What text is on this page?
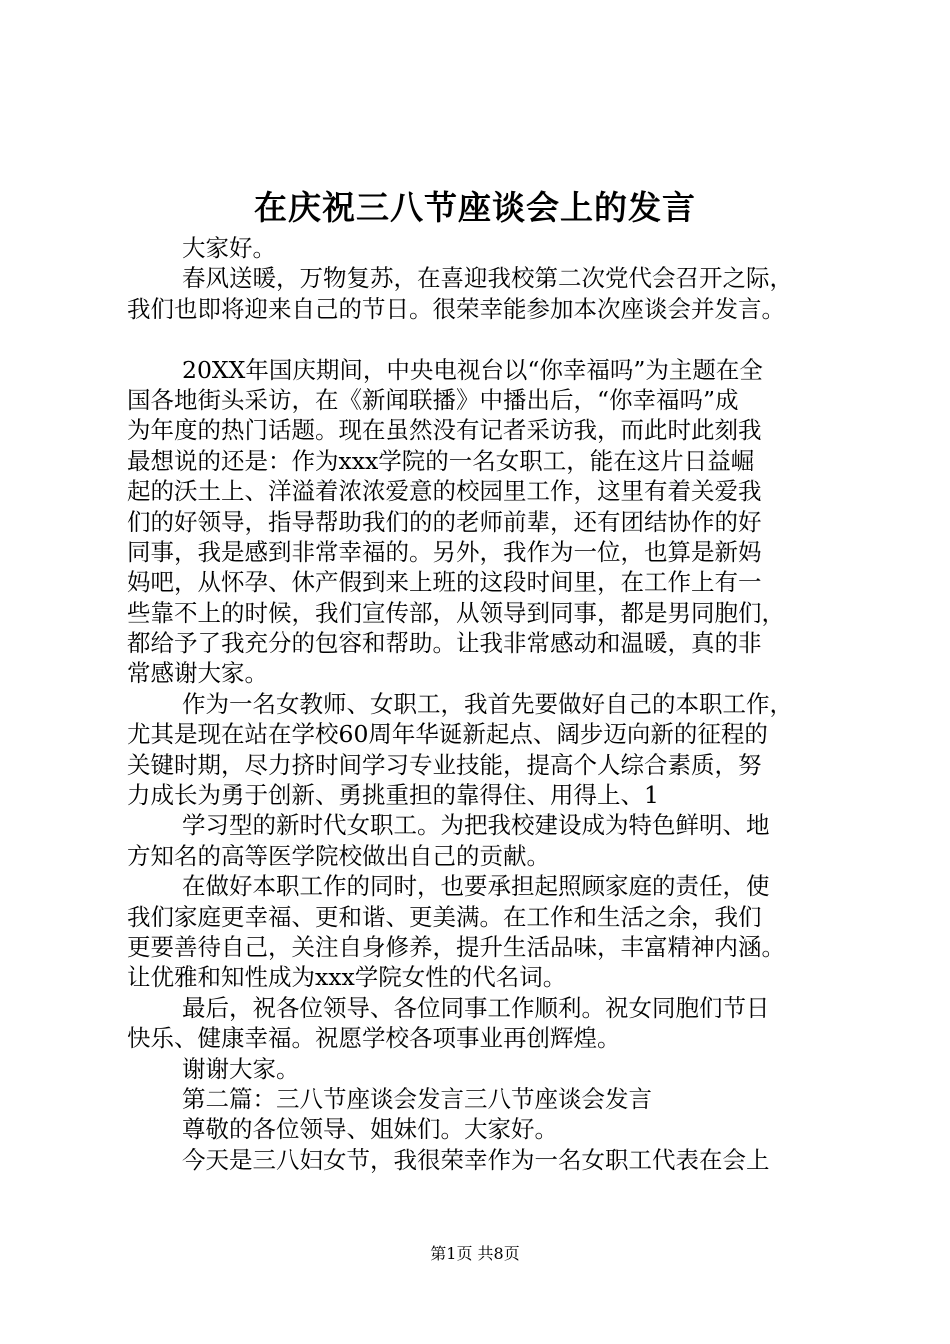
在庆祝三八节座谈会上的发言
大家好。
春风送暖，万物复苏，在喜迎我校第二次党代会召开之际，
我们也即将迎来自己的节日。很荣幸能参加本次座谈会并发言。
20XX年国庆期间，中央电视台以“你幸福吗”为主题在全
国各地街头采访，在《新闻联播》中播出后，“你幸福吗”成
为年度的热门话题。现在虽然没有记者采访我，而此时此刻我
最想说的还是：作为xxx学院的一名女职工，能在这片日益崛
起的沃土上、洋溢着浓浓爱意的校园里工作，这里有着关爱我
们的好领导，指导帮助我们的的老师前辈，还有团结协作的好
同事，我是感到非常幸福的。另外，我作为一位，也算是新妈
妈吧，从怀孕、休产假到来上班的这段时间里，在工作上有一
些靠不上的时候，我们宣传部，从领导到同事，都是男同胞们，
都给予了我充分的包容和帮助。让我非常感动和温暖，真的非
常感谢大家。
作为一名女教师、女职工，我首先要做好自己的本职工作，
尤其是现在站在学校60周年华诞新起点、阔步迈向新的征程的
关键时期，尽力挤时间学习专业技能，提高个人综合素质，努
力成长为勇于创新、勇挑重担的靠得住、用得上、1
学习型的新时代女职工。为把我校建设成为特色鲜明、地
方知名的高等医学院校做出自己的贡献。
在做好本职工作的同时，也要承担起照顾家庭的责任，使
我们家庭更幸福、更和谐、更美满。在工作和生活之余，我们
更要善待自己，关注自身修养，提升生活品味，丰富精神内涵。
让优雅和知性成为xxx学院女性的代名词。
最后，祝各位领导、各位同事工作顺利。祝女同胞们节日
快乐、健康幸福。祝愿学校各项事业再创辉煌。
谢谢大家。
第二篇：三八节座谈会发言三八节座谈会发言
尊敬的各位领导、姐妹们。大家好。
今天是三八妇女节，我很荣幸作为一名女职工代表在会上
第1页 共8页
